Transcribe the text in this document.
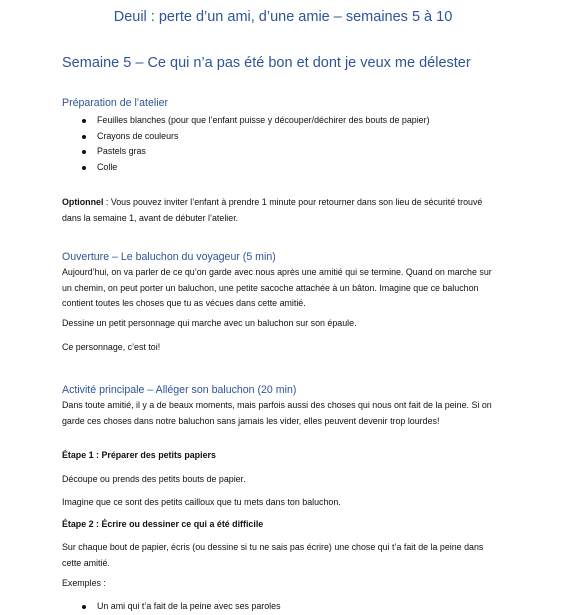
Deuil : perte d’un ami, d’une amie – semaines 5 à 10
Semaine 5 – Ce qui n’a pas été bon et dont je veux me délester
Préparation de l’atelier
Feuilles blanches (pour que l’enfant puisse y découper/déchirer des bouts de papier)
Crayons de couleurs
Pastels gras
Colle

Optionnel : Vous pouvez inviter l’enfant à prendre 1 minute pour retourner dans son lieu de sécurité trouvé dans la semaine 1, avant de débuter l’atelier.

Ouverture – Le baluchon du voyageur (5 min)

Aujourd’hui, on va parler de ce qu’on garde avec nous après une amitié qui se termine. Quand on marche sur un chemin, on peut porter un baluchon, une petite sacoche attachée à un bâton. Imagine que ce baluchon contient toutes les choses que tu as vécues dans cette amitié.

Dessine un petit personnage qui marche avec un baluchon sur son épaule.

Ce personnage, c’est toi!

Activité principale – Alléger son baluchon (20 min)

Dans toute amitié, il y a de beaux moments, mais parfois aussi des choses qui nous ont fait de la peine. Si on garde ces choses dans notre baluchon sans jamais les vider, elles peuvent devenir trop lourdes!

Étape 1 : Préparer des petits papiers

Découpe ou prends des petits bouts de papier.

Imagine que ce sont des petits cailloux que tu mets dans ton baluchon.

Étape 2 : Écrire ou dessiner ce qui a été difficile

Sur chaque bout de papier, écris (ou dessine si tu ne sais pas écrire) une chose qui t’a fait de la peine dans cette amitié.

Exemples :

Un ami qui t’a fait de la peine avec ses paroles
